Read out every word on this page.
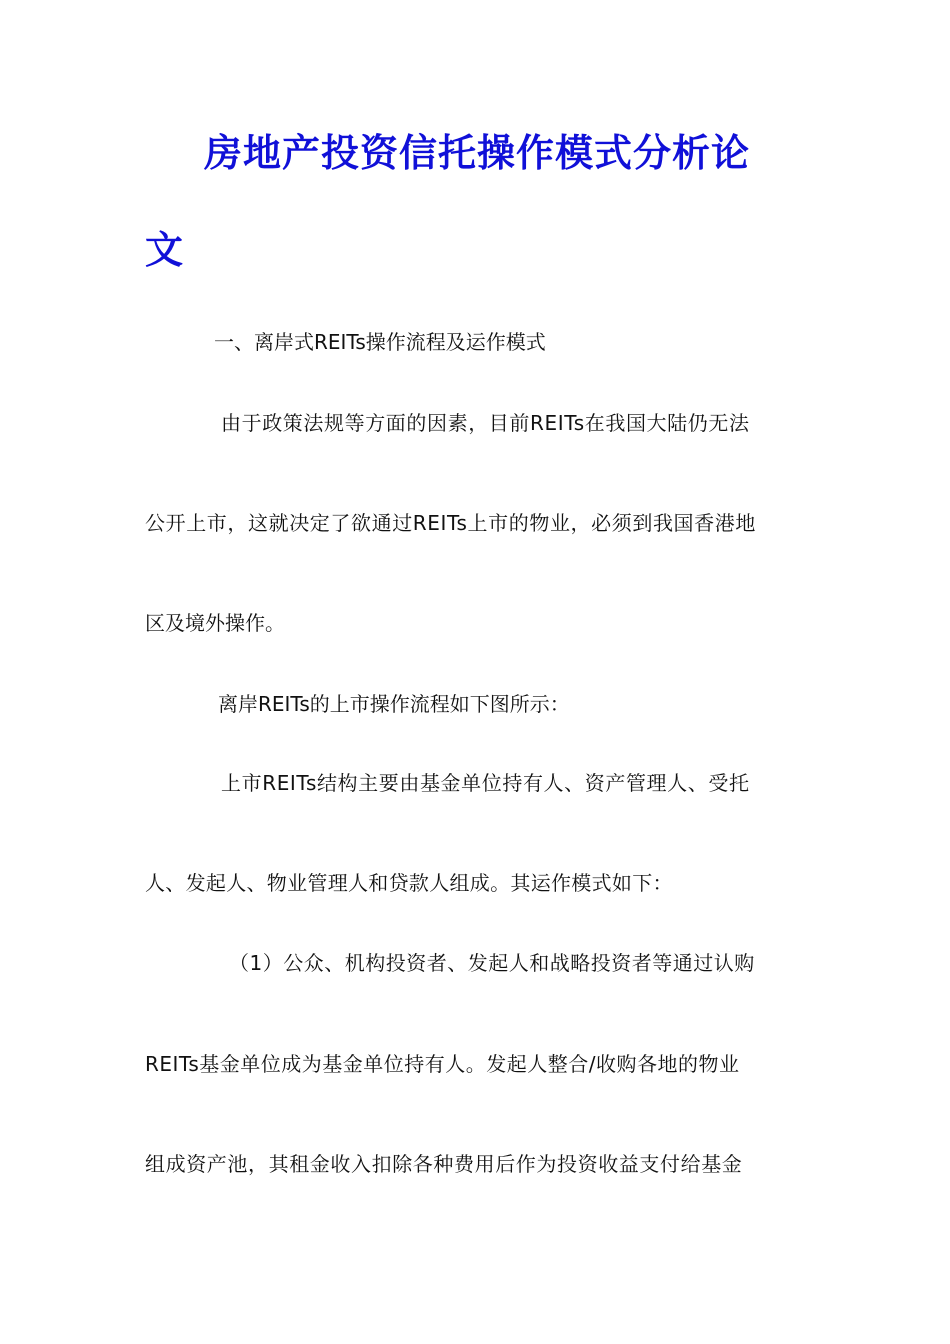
房地产投资信托操作模式分析论
文
一、离岸式REITs操作流程及运作模式
由于政策法规等方面的因素，目前REITs在我国大陆仍无法
公开上市，这就决定了欲通过REITs上市的物业，必须到我国香港地
区及境外操作。
离岸REITs的上市操作流程如下图所示：
上市REITs结构主要由基金单位持有人、资产管理人、受托
人、发起人、物业管理人和贷款人组成。其运作模式如下：
（1）公众、机构投资者、发起人和战略投资者等通过认购
REITs基金单位成为基金单位持有人。发起人整合/收购各地的物业
组成资产池，其租金收入扣除各种费用后作为投资收益支付给基金
